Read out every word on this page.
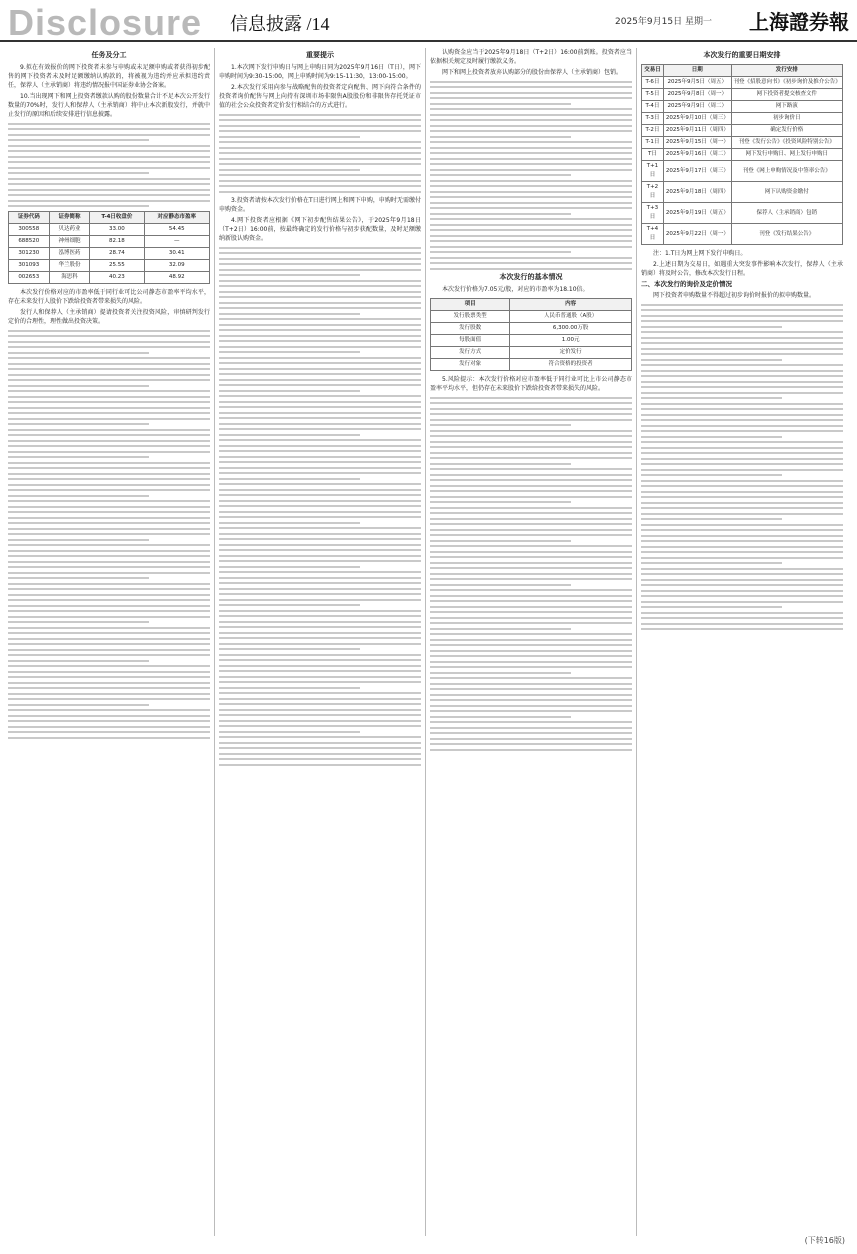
Disclosure 信息披露 /14	2025年9月15日 星期一 上海證券報
任务及分工

9.拟在有效报价的网下投资者未参与申购或未足额申购或者获得初步配售的网下投资者未及时足额缴纳认购款的，将被视为违约并应承担违约责任，保荐人（主承销商）将违约情况报中国证券业协会备案。

10.当出现网下和网上投资者缴款认购的股份数量合计不足本次公开发行数量的70%时，发行人和保荐人（主承销商）将中止本次新股发行，并就中止发行的原因和后续安排进行信息披露。

证券代码	证券简称	T-4日收盘价	对应静态市盈率
300558	贝达药业	33.00	54.45
688520	神州细胞	82.18	—
301230	泓博医药	28.74	30.41
301093	华兰股份	25.55	32.09
002653	海思科	40.23	48.92

本次发行价格对应的市盈率低于同行业可比公司静态市盈率平均水平，存在未来发行人股价下跌给投资者带来损失的风险。

发行人和保荐人（主承销商）提请投资者关注投资风险，审慎研判发行定价的合理性，理性做出投资决策。

重要提示

1.本次网下发行申购日与网上申购日同为2025年9月16日（T日），网下申购时间为9:30-15:00，网上申购时间为9:15-11:30，13:00-15:00。

2.本次发行采用向参与战略配售的投资者定向配售、网下向符合条件的投资者询价配售与网上向持有深圳市场非限售A股股份和非限售存托凭证市值的社会公众投资者定价发行相结合的方式进行。

3.投资者请按本次发行价格在T日进行网上和网下申购，申购时无需缴付申购资金。

4.网下投资者应根据《网下初步配售结果公告》，于2025年9月18日（T+2日）16:00前，按最终确定的发行价格与初步获配数量，及时足额缴纳新股认购资金。

认购资金应当于2025年9月18日（T+2日）16:00前到账。投资者应当依据相关规定及时履行缴款义务。

网下和网上投资者放弃认购部分的股份由保荐人（主承销商）包销。

本次发行的基本情况

本次发行价格为7.05元/股，对应的市盈率为18.10倍。

项目	内容
发行股票类型	人民币普通股（A股）
发行股数	6,300.00万股
每股面值	1.00元
发行方式	定价发行
发行对象	符合资格的投资者

5.风险提示：本次发行价格对应市盈率低于同行业可比上市公司静态市盈率平均水平，但仍存在未来股价下跌给投资者带来损失的风险。

本次发行的重要日期安排
交易日	日期	发行安排
T-6日	2025年9月5日（周五）	刊登《招股意向书》《初步询价及推介公告》
T-5日	2025年9月8日（周一）	网下投资者提交核查文件
T-4日	2025年9月9日（周二）	网下路演
T-3日	2025年9月10日（周三）	初步询价日
T-2日	2025年9月11日（周四）	确定发行价格
T-1日	2025年9月15日（周一）	刊登《发行公告》《投资风险特别公告》
T日	2025年9月16日（周二）	网下发行申购日、网上发行申购日
T+1日	2025年9月17日（周三）	刊登《网上申购情况及中签率公告》
T+2日	2025年9月18日（周四）	网下认购资金缴付
T+3日	2025年9月19日（周五）	保荐人（主承销商）包销
T+4日	2025年9月22日（周一）	刊登《发行结果公告》

注：1.T日为网上网下发行申购日。

2.上述日期为交易日，如遇重大突发事件影响本次发行，保荐人（主承销商）将及时公告，修改本次发行日程。

二、本次发行的询价及定价情况

网下投资者申购数量不得超过初步询价时报价的拟申购数量。

(下转16版)
